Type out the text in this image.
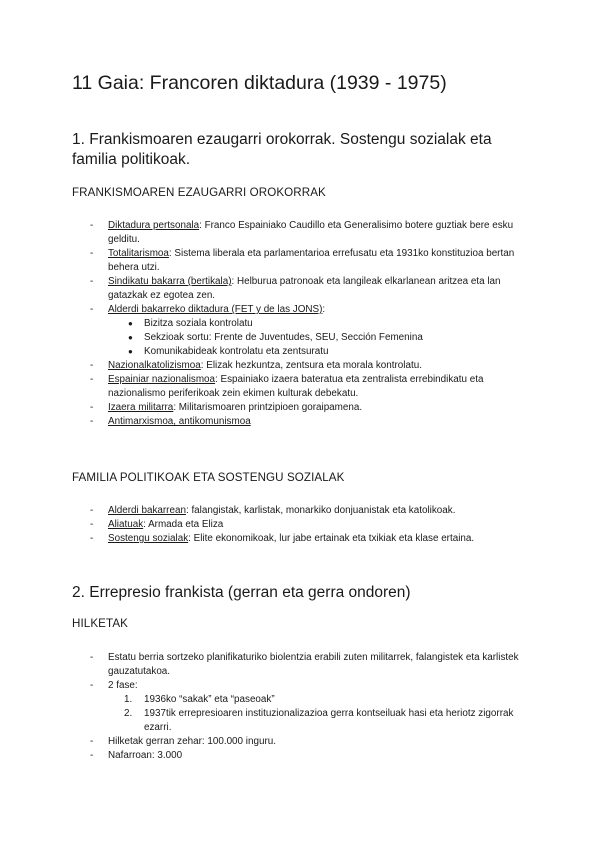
11 Gaia: Francoren diktadura (1939 - 1975)
1. Frankismoaren ezaugarri orokorrak. Sostengu sozialak eta familia politikoak.
FRANKISMOAREN EZAUGARRI OROKORRAK
- Diktadura pertsonala: Franco Espainiako Caudillo eta Generalisimo botere guztiak bere esku gelditu.
- Totalitarismoa: Sistema liberala eta parlamentarioa errefusatu eta 1931ko konstituzioa bertan behera utzi.
- Sindikatu bakarra (bertikala): Helburua patronoak eta langileak elkarlanean aritzea eta lan gatazkak ez egotea zen.
- Alderdi bakarreko diktadura (FET y de las JONS):
● Bizitza soziala kontrolatu
● Sekzioak sortu: Frente de Juventudes, SEU, Sección Femenina
● Komunikabideak kontrolatu eta zentsuratu
- Nazionalkatolizismoa: Elizak hezkuntza, zentsura eta morala kontrolatu.
- Espainiar nazionalismoa: Espainiako izaera bateratua eta zentralista errebindikatu eta nazionalismo periferikoak zein ekimen kulturak debekatu.
- Izaera militarra: Militarismoaren printzipioen goraipamena.
- Antimarxismoa, antikomunismoa
FAMILIA POLITIKOAK ETA SOSTENGU SOZIALAK
- Alderdi bakarrean: falangistak, karlistak, monarkiko donjuanistak eta katolikoak.
- Aliatuak: Armada eta Eliza
- Sostengu sozialak: Elite ekonomikoak, lur jabe ertainak eta txikiak eta klase ertaina.
2. Errepresio frankista (gerran eta gerra ondoren)
HILKETAK
- Estatu berria sortzeko planifikaturiko biolentzia erabili zuten militarrek, falangistek eta karlistek gauzatutakoa.
- 2 fase:
1. 1936ko “sakak” eta “paseoak”
2. 1937tik errepresioaren instituzionalizazioa gerra kontseiluak hasi eta heriotz zigorrak ezarri.
- Hilketak gerran zehar: 100.000 inguru.
- Nafarroan: 3.000
